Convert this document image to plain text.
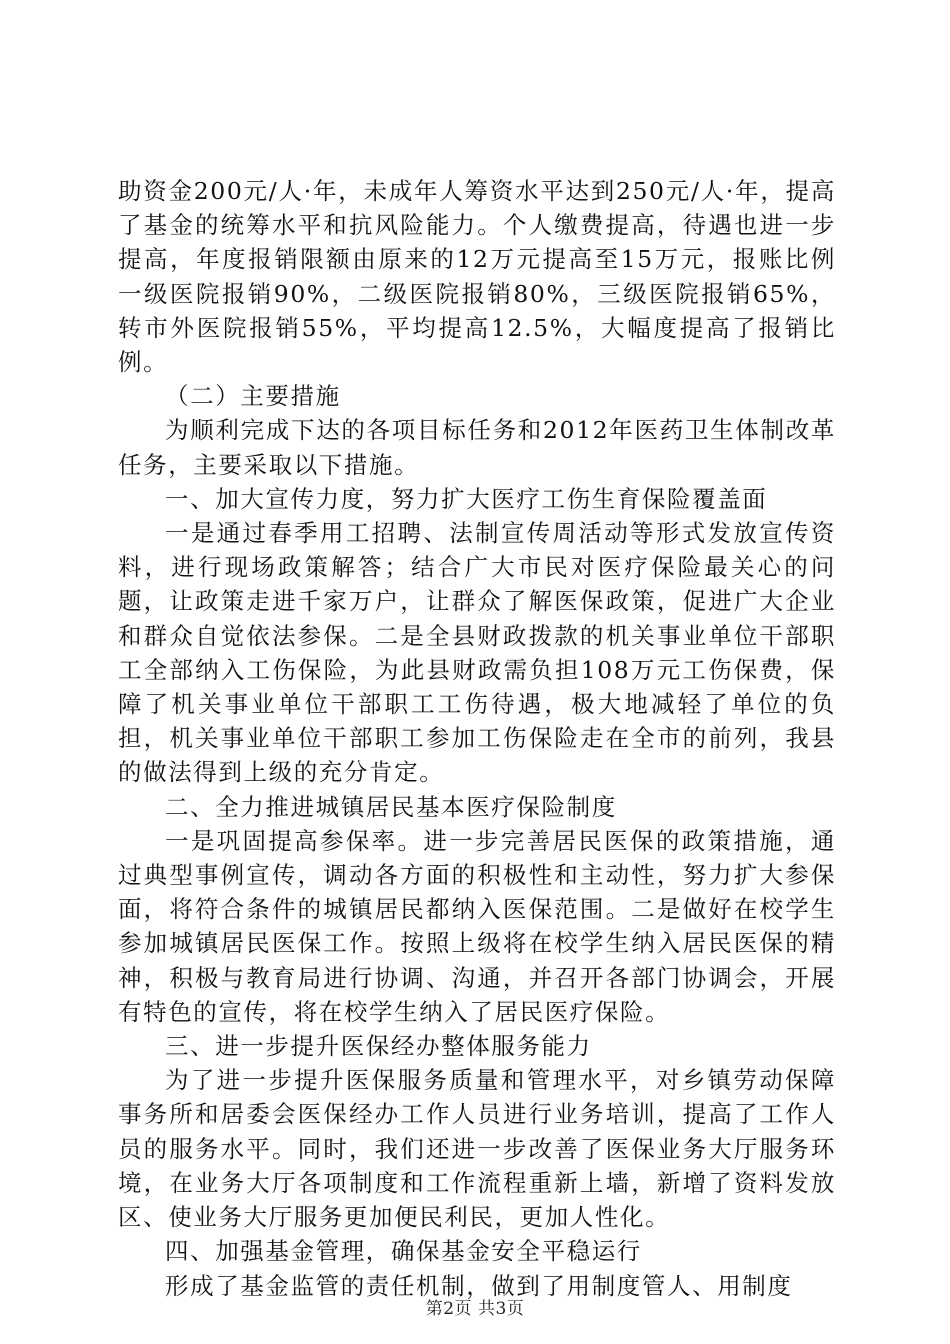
助资金200元/人·年，未成年人筹资水平达到250元/人·年，提高了基金的统筹水平和抗风险能力。个人缴费提高，待遇也进一步提高，年度报销限额由原来的12万元提高至15万元，报账比例一级医院报销90%，二级医院报销80%，三级医院报销65%，转市外医院报销55%，平均提高12.5%，大幅度提高了报销比例。

（二）主要措施

为顺利完成下达的各项目标任务和2012年医药卫生体制改革任务，主要采取以下措施。

一、加大宣传力度，努力扩大医疗工伤生育保险覆盖面

一是通过春季用工招聘、法制宣传周活动等形式发放宣传资料，进行现场政策解答；结合广大市民对医疗保险最关心的问题，让政策走进千家万户，让群众了解医保政策，促进广大企业和群众自觉依法参保。二是全县财政拨款的机关事业单位干部职工全部纳入工伤保险，为此县财政需负担108万元工伤保费，保障了机关事业单位干部职工工伤待遇，极大地减轻了单位的负担，机关事业单位干部职工参加工伤保险走在全市的前列，我县的做法得到上级的充分肯定。

二、全力推进城镇居民基本医疗保险制度

一是巩固提高参保率。进一步完善居民医保的政策措施，通过典型事例宣传，调动各方面的积极性和主动性，努力扩大参保面，将符合条件的城镇居民都纳入医保范围。二是做好在校学生参加城镇居民医保工作。按照上级将在校学生纳入居民医保的精神，积极与教育局进行协调、沟通，并召开各部门协调会，开展有特色的宣传，将在校学生纳入了居民医疗保险。

三、进一步提升医保经办整体服务能力

为了进一步提升医保服务质量和管理水平，对乡镇劳动保障事务所和居委会医保经办工作人员进行业务培训，提高了工作人员的服务水平。同时，我们还进一步改善了医保业务大厅服务环境，在业务大厅各项制度和工作流程重新上墙，新增了资料发放区、使业务大厅服务更加便民利民，更加人性化。

四、加强基金管理，确保基金安全平稳运行

形成了基金监管的责任机制，做到了用制度管人、用制度

第2页 共3页
